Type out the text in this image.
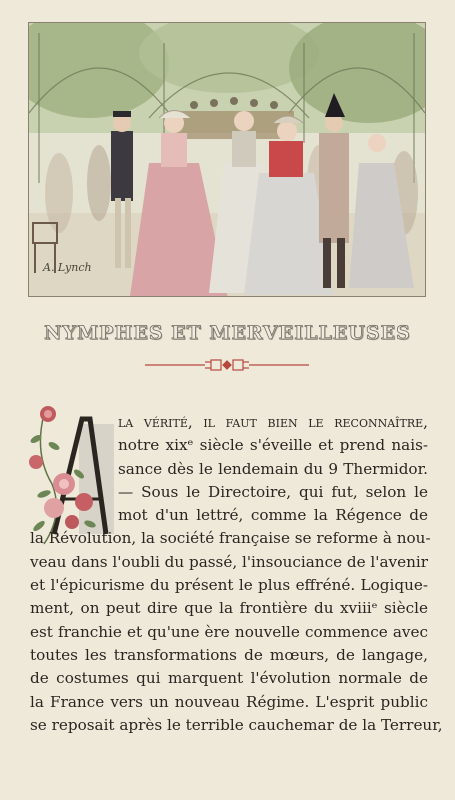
A. Lynch
NYMPHES ET MERVEILLEUSES
la vérité, il faut bien le reconnaître,
notre xixᵉ siècle s'éveille et prend nais-
sance dès le lendemain du 9 Thermidor.
— Sous le Directoire, qui fut, selon le
mot d'un lettré, comme la Régence de
la Révolution, la société française se reforme à nou-
veau dans l'oubli du passé, l'insouciance de l'avenir
et l'épicurisme du présent le plus effréné. Logique-
ment, on peut dire que la frontière du xviiiᵉ siècle
est franchie et qu'une ère nouvelle commence avec
toutes les transformations de mœurs, de langage,
de costumes qui marquent l'évolution normale de
la France vers un nouveau Régime. L'esprit public
se reposait après le terrible cauchemar de la Terreur,
